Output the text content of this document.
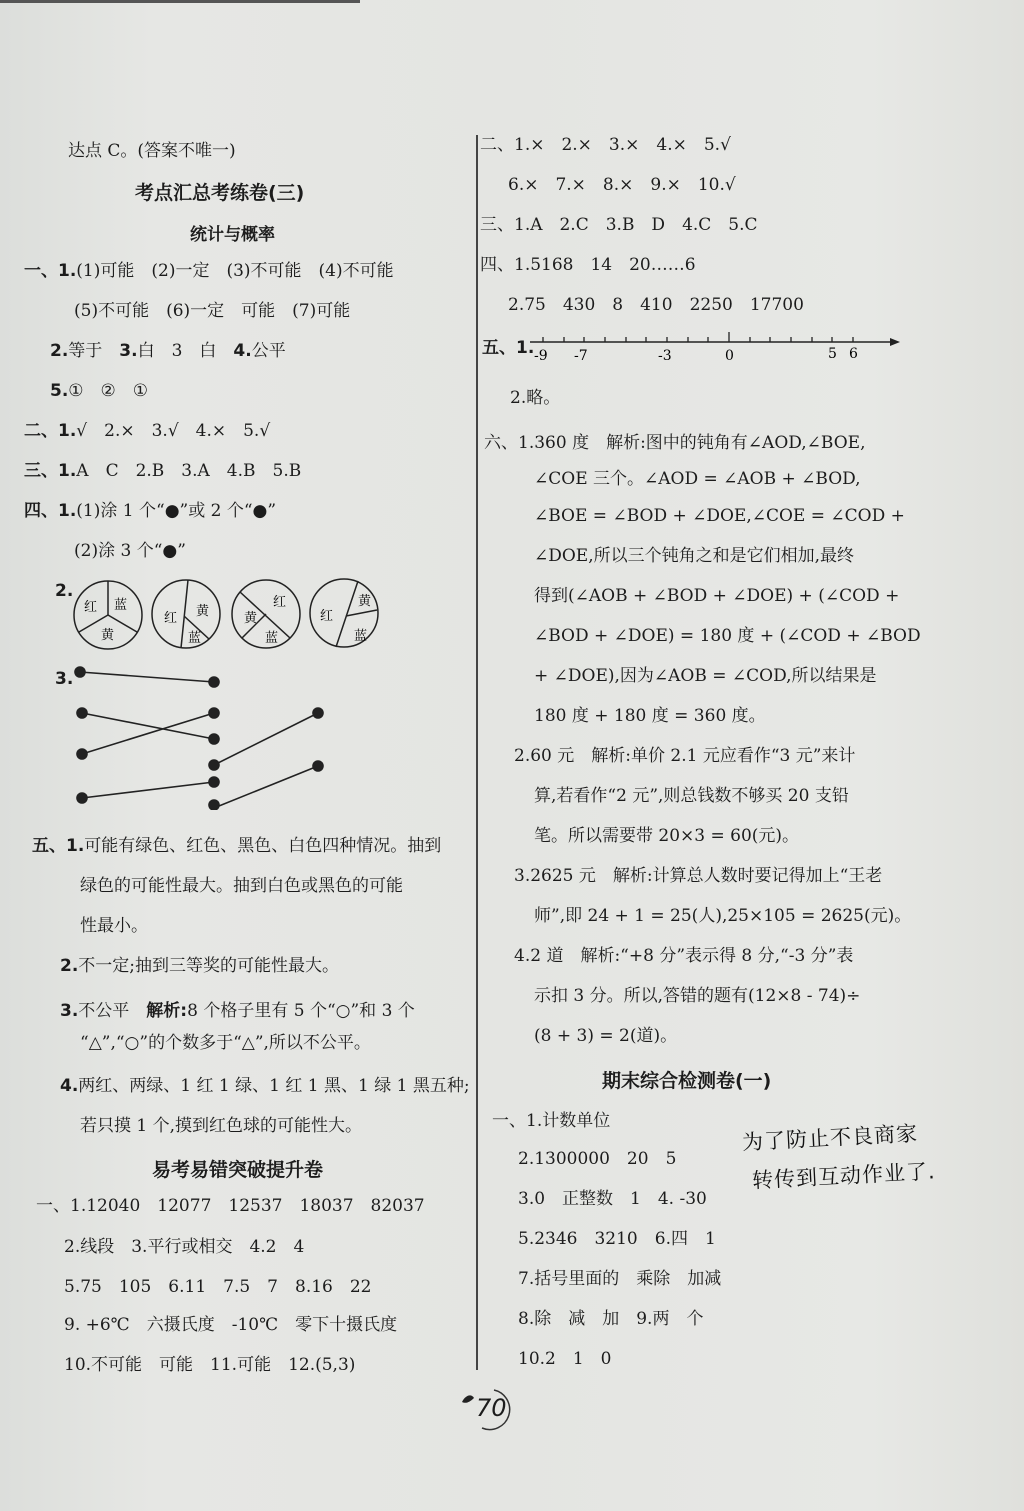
达点 C。(答案不唯一)
考点汇总考练卷(三)
统计与概率
一、1.(1)可能　(2)一定　(3)不可能　(4)不可能
(5)不可能　(6)一定　可能　(7)可能
2.等于　3.白　3　白　4.公平
5.①　②　①
二、1.√　2.×　3.√　4.×　5.√
三、1.A　C　2.B　3.A　4.B　5.B
四、1.(1)涂 1 个“●”或 2 个“●”
(2)涂 3 个“●”
2.
红 蓝
黄
红 黄
蓝
黄
红
蓝
红
黄
蓝
3.
五、1.可能有绿色、红色、黑色、白色四种情况。抽到
绿色的可能性最大。抽到白色或黑色的可能
性最小。
2.不一定;抽到三等奖的可能性最大。
3.不公平　解析:8 个格子里有 5 个“○”和 3 个
“△”,“○”的个数多于“△”,所以不公平。
4.两红、两绿、1 红 1 绿、1 红 1 黑、1 绿 1 黑五种;
若只摸 1 个,摸到红色球的可能性大。
易考易错突破提升卷
一、1.12040　12077　12537　18037　82037
2.线段　3.平行或相交　4.2　4
5.75　105　6.11　7.5　7　8.16　22
9. +6℃　六摄氏度　-10℃　零下十摄氏度
10.不可能　可能　11.可能　12.(5,3)
二、1.×　2.×　3.×　4.×　5.√
6.×　7.×　8.×　9.×　10.√
三、1.A　2.C　3.B　D　4.C　5.C
四、1.5168　14　20……6
2.75　430　8　410　2250　17700
五、1. -9 -7	-3	0	5 6
2.略。
六、1.360 度　解析:图中的钝角有∠AOD,∠BOE,
∠COE 三个。∠AOD = ∠AOB + ∠BOD,
∠BOE = ∠BOD + ∠DOE,∠COE = ∠COD +
∠DOE,所以三个钝角之和是它们相加,最终
得到(∠AOB + ∠BOD + ∠DOE) + (∠COD +
∠BOD + ∠DOE) = 180 度 + (∠COD + ∠BOD
+ ∠DOE),因为∠AOB = ∠COD,所以结果是
180 度 + 180 度 = 360 度。
2.60 元　解析:单价 2.1 元应看作“3 元”来计
算,若看作“2 元”,则总钱数不够买 20 支铅
笔。所以需要带 20×3 = 60(元)。
3.2625 元　解析:计算总人数时要记得加上“王老
师”,即 24 + 1 = 25(人),25×105 = 2625(元)。
4.2 道　解析:“+8 分”表示得 8 分,“-3 分”表
示扣 3 分。所以,答错的题有(12×8 - 74)÷
(8 + 3) = 2(道)。
期末综合检测卷(一)
一、1.计数单位
2.1300000　20　5
3.0　正整数　1　4. -30
5.2346　3210　6.四　1
7.括号里面的　乘除　加减
8.除　减　加　9.两　个
10.2　1　0
为了防止不良商家
转传到互动作业了.
70
